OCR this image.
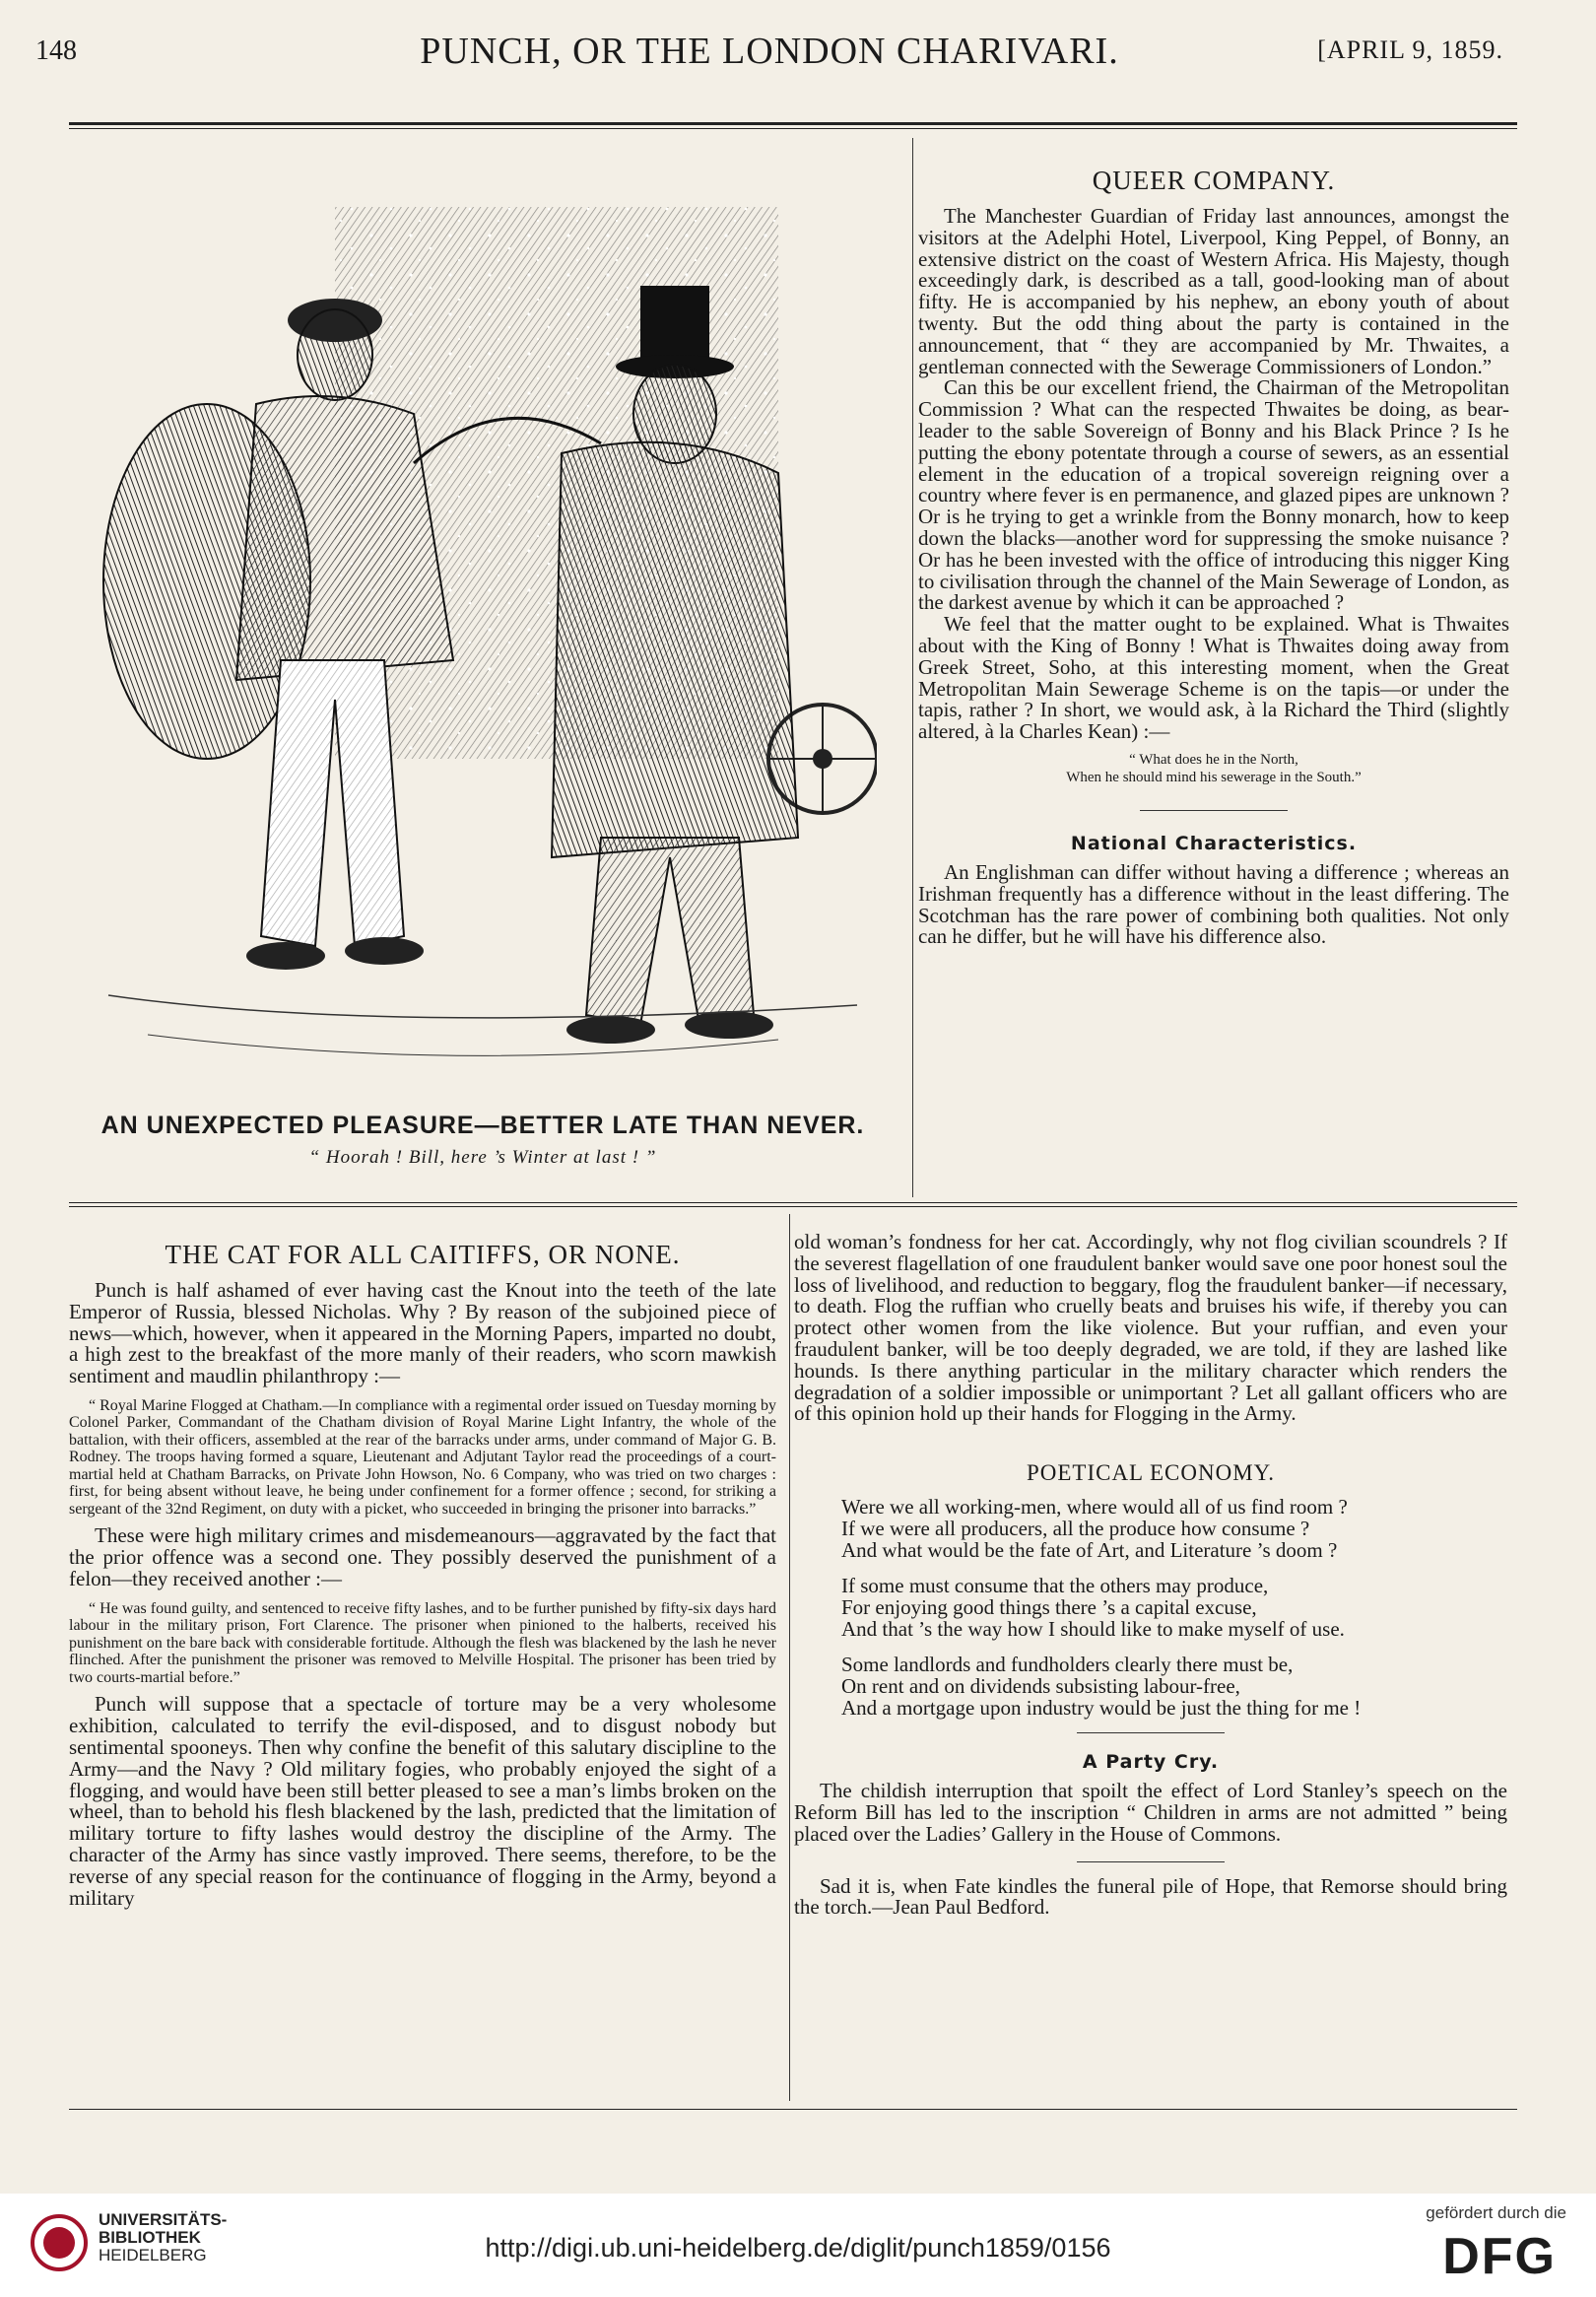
148	PUNCH, OR THE LONDON CHARIVARI.	[APRIL 9, 1859.
AN UNEXPECTED PLEASURE—BETTER LATE THAN NEVER.
“ Hoorah ! Bill, here ’s Winter at last ! ”
QUEER COMPANY.

The Manchester Guardian of Friday last announces, amongst the visitors at the Adelphi Hotel, Liverpool, King Peppel, of Bonny, an extensive district on the coast of Western Africa. His Majesty, though exceedingly dark, is described as a tall, good-looking man of about fifty. He is accompanied by his nephew, an ebony youth of about twenty. But the odd thing about the party is contained in the announcement, that “ they are accompanied by Mr. Thwaites, a gentleman connected with the Sewerage Commissioners of London.”

Can this be our excellent friend, the Chairman of the Metropolitan Commission ? What can the respected Thwaites be doing, as bear-leader to the sable Sovereign of Bonny and his Black Prince ? Is he putting the ebony potentate through a course of sewers, as an essential element in the education of a tropical sovereign reigning over a country where fever is en permanence, and glazed pipes are unknown ? Or is he trying to get a wrinkle from the Bonny monarch, how to keep down the blacks—another word for suppressing the smoke nuisance ? Or has he been invested with the office of introducing this nigger King to civilisation through the channel of the Main Sewerage of London, as the darkest avenue by which it can be approached ?

We feel that the matter ought to be explained. What is Thwaites about with the King of Bonny ! What is Thwaites doing away from Greek Street, Soho, at this interesting moment, when the Great Metropolitan Main Sewerage Scheme is on the tapis—or under the tapis, rather ? In short, we would ask, à la Richard the Third (slightly altered, à la Charles Kean) :—

“ What does he in the North,
When he should mind his sewerage in the South.”
National Characteristics.

An Englishman can differ without having a difference ; whereas an Irishman frequently has a difference without in the least differing. The Scotchman has the rare power of combining both qualities. Not only can he differ, but he will have his difference also.

THE CAT FOR ALL CAITIFFS, OR NONE.

Punch is half ashamed of ever having cast the Knout into the teeth of the late Emperor of Russia, blessed Nicholas. Why ? By reason of the subjoined piece of news—which, however, when it appeared in the Morning Papers, imparted no doubt, a high zest to the breakfast of the more manly of their readers, who scorn mawkish sentiment and maudlin philanthropy :—

“ Royal Marine Flogged at Chatham.—In compliance with a regimental order issued on Tuesday morning by Colonel Parker, Commandant of the Chatham division of Royal Marine Light Infantry, the whole of the battalion, with their officers, assembled at the rear of the barracks under arms, under command of Major G. B. Rodney. The troops having formed a square, Lieutenant and Adjutant Taylor read the proceedings of a court-martial held at Chatham Barracks, on Private John Howson, No. 6 Company, who was tried on two charges : first, for being absent without leave, he being under confinement for a former offence ; second, for striking a sergeant of the 32nd Regiment, on duty with a picket, who succeeded in bringing the prisoner into barracks.”

These were high military crimes and misdemeanours—aggravated by the fact that the prior offence was a second one. They possibly deserved the punishment of a felon—they received another :—

“ He was found guilty, and sentenced to receive fifty lashes, and to be further punished by fifty-six days hard labour in the military prison, Fort Clarence. The prisoner when pinioned to the halberts, received his punishment on the bare back with considerable fortitude. Although the flesh was blackened by the lash he never flinched. After the punishment the prisoner was removed to Melville Hospital. The prisoner has been tried by two courts-martial before.”

Punch will suppose that a spectacle of torture may be a very wholesome exhibition, calculated to terrify the evil-disposed, and to disgust nobody but sentimental spooneys. Then why confine the benefit of this salutary discipline to the Army—and the Navy ? Old military fogies, who probably enjoyed the sight of a flogging, and would have been still better pleased to see a man’s limbs broken on the wheel, than to behold his flesh blackened by the lash, predicted that the limitation of military torture to fifty lashes would destroy the discipline of the Army. The character of the Army has since vastly improved. There seems, therefore, to be the reverse of any special reason for the continuance of flogging in the Army, beyond a military

old woman’s fondness for her cat. Accordingly, why not flog civilian scoundrels ? If the severest flagellation of one fraudulent banker would save one poor honest soul the loss of livelihood, and reduction to beggary, flog the fraudulent banker—if necessary, to death. Flog the ruffian who cruelly beats and bruises his wife, if thereby you can protect other women from the like violence. But your ruffian, and even your fraudulent banker, will be too deeply degraded, we are told, if they are lashed like hounds. Is there anything particular in the military character which renders the degradation of a soldier impossible or unimportant ? Let all gallant officers who are of this opinion hold up their hands for Flogging in the Army.

POETICAL ECONOMY.
Were we all working-men, where would all of us find room ?
If we were all producers, all the produce how consume ?
And what would be the fate of Art, and Literature ’s doom ?
If some must consume that the others may produce,
For enjoying good things there ’s a capital excuse,
And that ’s the way how I should like to make myself of use.
Some landlords and fundholders clearly there must be,
On rent and on dividends subsisting labour-free,
And a mortgage upon industry would be just the thing for me !
A Party Cry.

The childish interruption that spoilt the effect of Lord Stanley’s speech on the Reform Bill has led to the inscription “ Children in arms are not admitted ” being placed over the Ladies’ Gallery in the House of Commons.

Sad it is, when Fate kindles the funeral pile of Hope, that Remorse should bring the torch.—Jean Paul Bedford.

UNIVERSITÄTS-
BIBLIOTHEK
HEIDELBERG	http://digi.ub.uni-heidelberg.de/diglit/punch1859/0156
gefördert durch die
DFG
